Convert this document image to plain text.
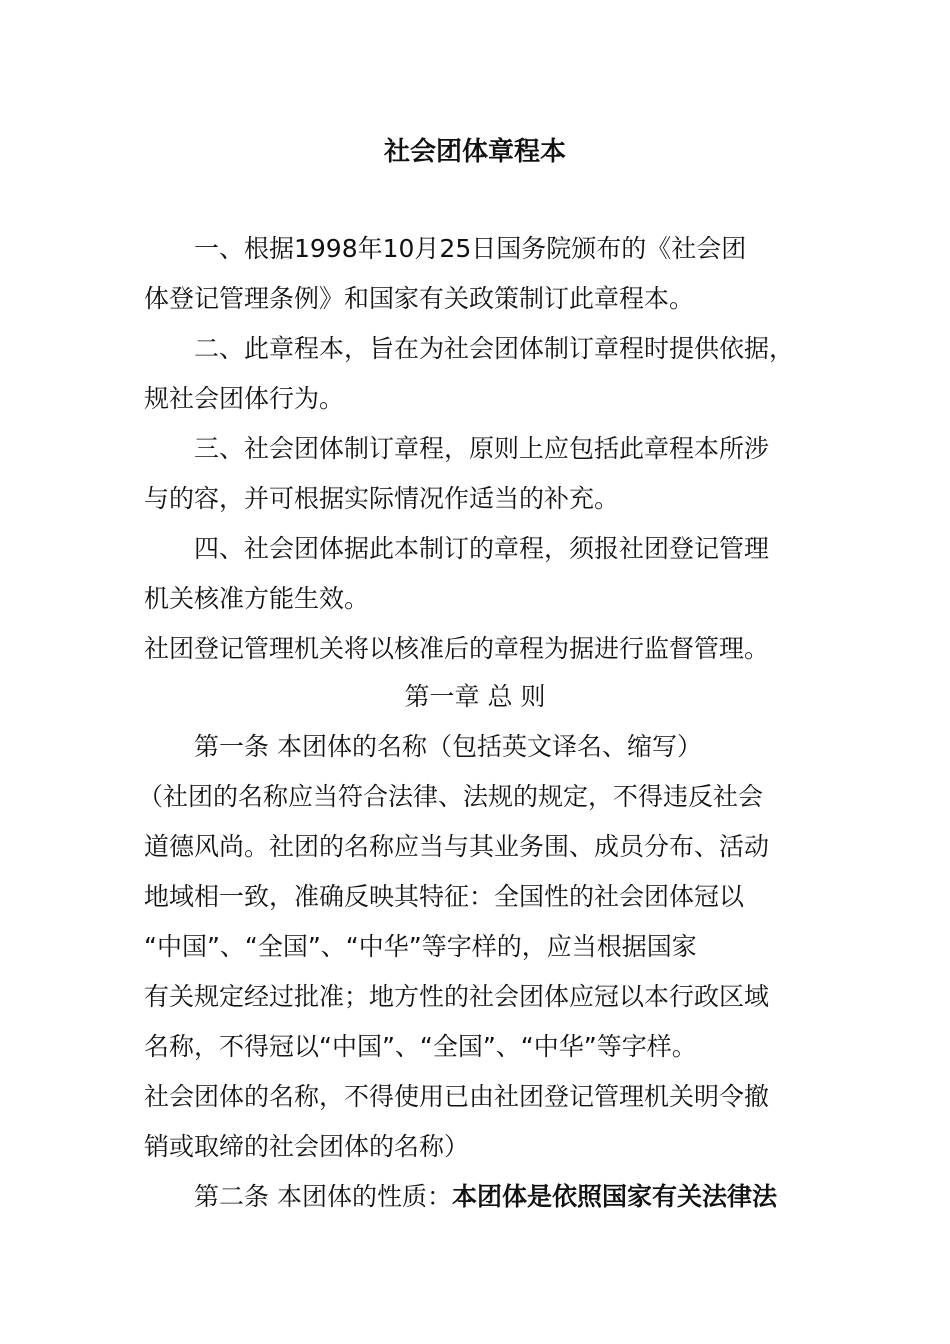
社会团体章程本
一、根据1998年10月25日国务院颁布的《社会团
体登记管理条例》和国家有关政策制订此章程本。
二、此章程本，旨在为社会团体制订章程时提供依据，
规社会团体行为。
三、社会团体制订章程，原则上应包括此章程本所涉
与的容，并可根据实际情况作适当的补充。
四、社会团体据此本制订的章程，须报社团登记管理
机关核准方能生效。
社团登记管理机关将以核准后的章程为据进行监督管理。
第一章 总 则
第一条 本团体的名称（包括英文译名、缩写）
（社团的名称应当符合法律、法规的规定，不得违反社会
道德风尚。社团的名称应当与其业务围、成员分布、活动
地域相一致，准确反映其特征：全国性的社会团体冠以
“中国”、“全国”、“中华”等字样的，应当根据国家
有关规定经过批准；地方性的社会团体应冠以本行政区域
名称，不得冠以“中国”、“全国”、“中华”等字样。
社会团体的名称，不得使用已由社团登记管理机关明令撤
销或取缔的社会团体的名称）
第二条 本团体的性质：本团体是依照国家有关法律法
